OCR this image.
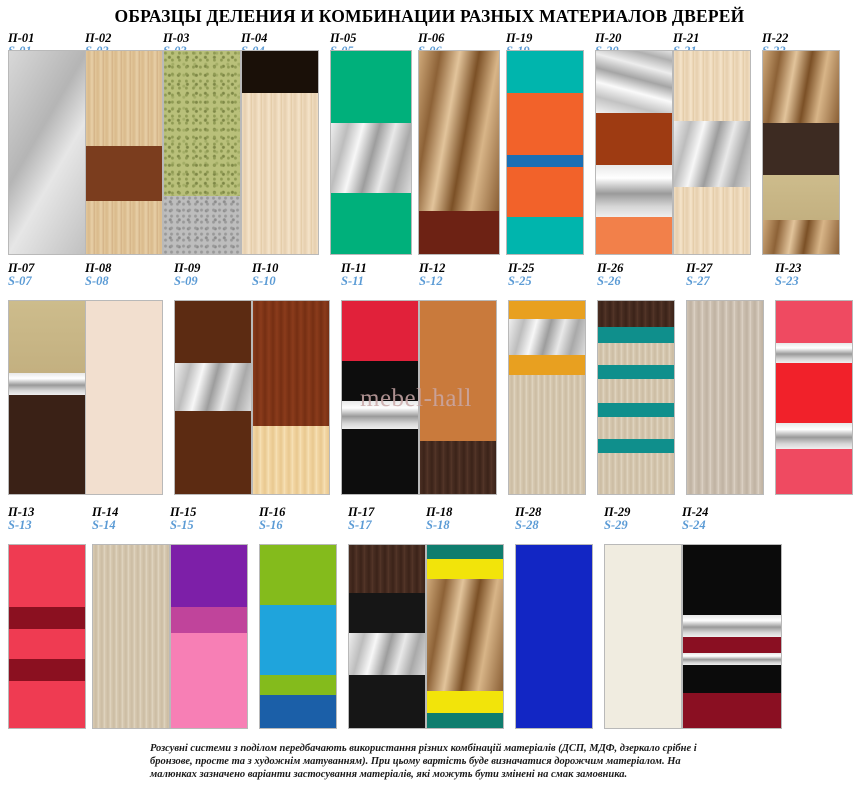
ОБРАЗЦЫ ДЕЛЕНИЯ И КОМБИНАЦИИ РАЗНЫХ МАТЕРИАЛОВ ДВЕРЕЙ
П-01	П-02	П-03	П-04	П-05	П-06	П-19	П-20	П-21	П-22
П-07
S-07
П-08
S-08
П-09
S-09
П-10
S-10
П-11
S-11
П-12
S-12
П-25
S-25
П-26
S-26
П-27
S-27
П-23
S-23
П-13
S-13
П-14
S-14
П-15
S-15
П-16
S-16
П-17
S-17
П-18
S-18
П-28
S-28
П-29
S-29
П-24
S-24
mebel-hall
Розсувні системи з поділом передбачають використання різних комбінацій матеріалів (ДСП, МДФ, дзеркало срібне і бронзове, просте та з художнім матуванням). При цьому вартість буде визначатися дорожчим матеріалом. На малюнках зазначено варіанти застосування матеріалів, які можуть бути змінені на смак замовника.
